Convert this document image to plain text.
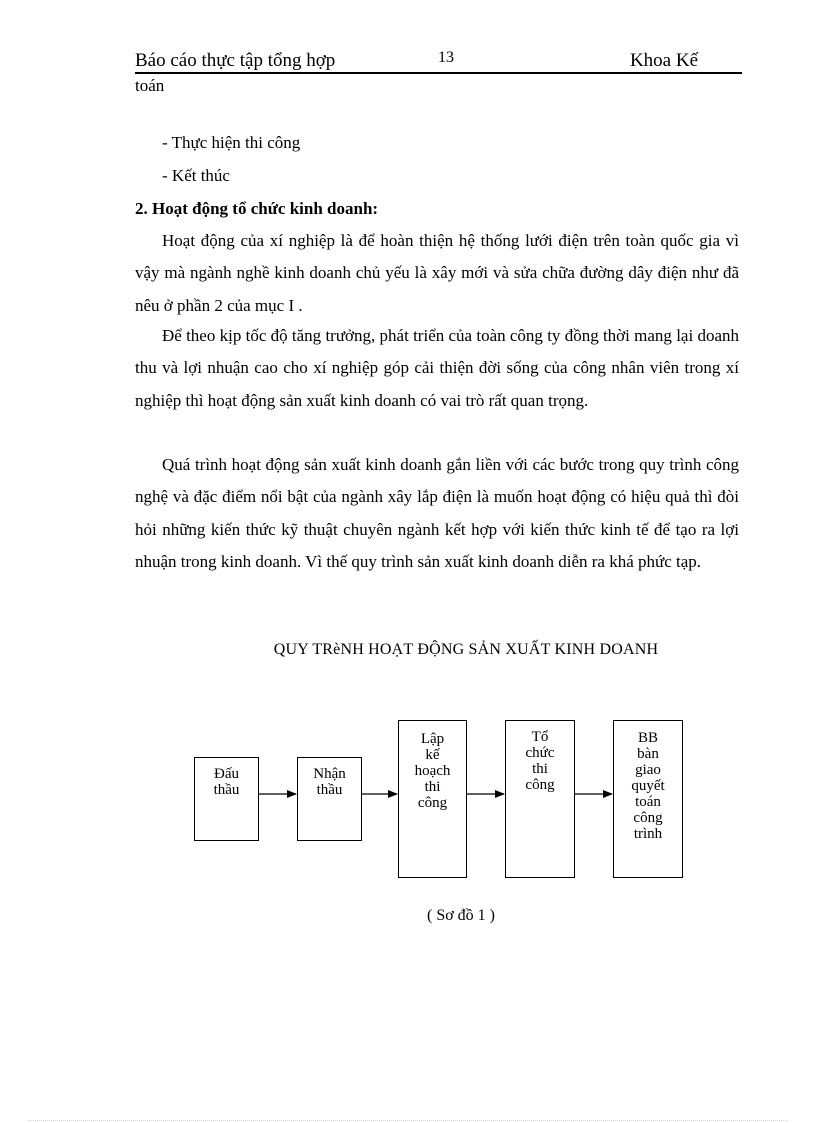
Báo cáo thực tập tổng hợp	13	Khoa Kế
toán
- Thực hiện thi công
- Kết thúc
2. Hoạt động tổ chức kinh doanh:

Hoạt động của xí nghiệp là để hoàn thiện hệ thống lưới điện trên toàn quốc gia vì vậy mà ngành nghề kinh doanh chủ yếu là xây mới và sửa chữa đường dây điện như đã nêu ở phần 2 của mục I .

Để theo kịp tốc độ tăng trưởng, phát triển của toàn công ty đồng thời mang lại doanh thu và lợi nhuận cao cho xí nghiệp góp cải thiện đời sống của công nhân viên trong xí nghiệp thì hoạt động sản xuất kinh doanh có vai trò rất quan trọng.

Quá trình hoạt động sản xuất kinh doanh gắn liền với các bước trong quy trình công nghệ và đặc điểm nổi bật của ngành xây lắp điện là muốn hoạt động có hiệu quả thì đòi hỏi những kiến thức kỹ thuật chuyên ngành kết hợp với kiến thức kinh tế để tạo ra lợi nhuận trong kinh doanh. Vì thế quy trình sản xuất kinh doanh diễn ra khá phức tạp.

QUY TRèNH HOẠT ĐỘNG SẢN XUẤT KINH DOANH
Đấu
thầu
Nhận
thầu
Lập
kế
hoạch
thi
công
Tổ
chức
thi
công
BB
bàn
giao
quyết
toán
công
trình
( Sơ đồ 1 )
